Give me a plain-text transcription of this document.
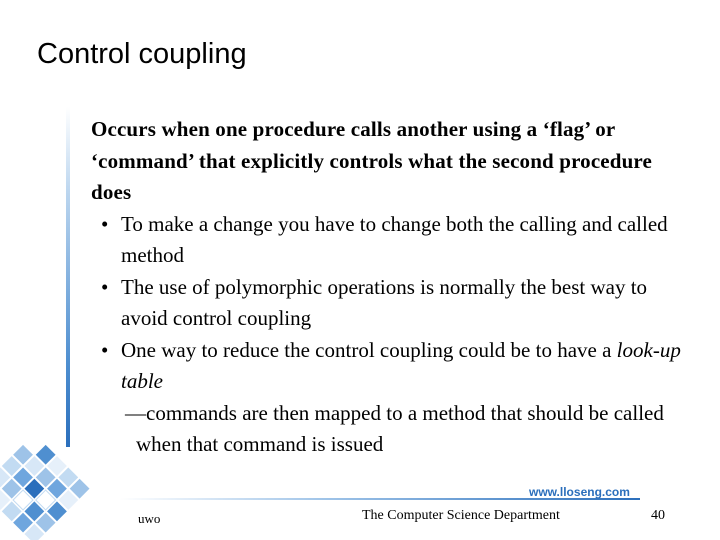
Control coupling

Occurs when one procedure calls another using a ‘flag’ or ‘command’ that explicitly controls what the second procedure does

• To make a change you have to change both the calling and called method

• The use of polymorphic operations is normally the best way to avoid control coupling

• One way to reduce the control coupling could be to have a look-up table

—commands are then mapped to a method that should be called when that command is issued

www.lloseng.com
uwo	The Computer Science Department	40
